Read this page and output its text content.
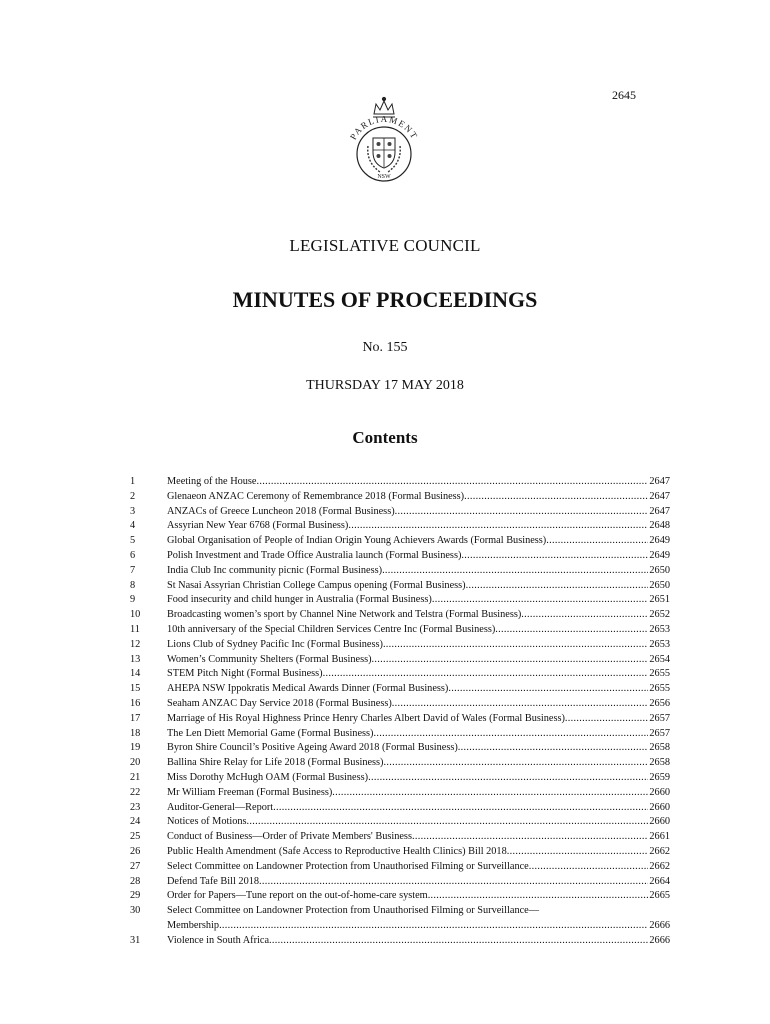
2645
PARLIAMENT
NSW
LEGISLATIVE COUNCIL
MINUTES OF PROCEEDINGS
No. 155
THURSDAY 17 MAY 2018
Contents
1	Meeting of the House .....	2647
2	Glenaeon ANZAC Ceremony of Remembrance 2018 (Formal Business) .....	2647
3	ANZACs of Greece Luncheon 2018 (Formal Business) .....	2647
4	Assyrian New Year 6768 (Formal Business) .....	2648
5	Global Organisation of People of Indian Origin Young Achievers Awards (Formal Business) .....	2649
6	Polish Investment and Trade Office Australia launch (Formal Business) .....	2649
7	India Club Inc community picnic (Formal Business) .....	2650
8	St Nasai Assyrian Christian College Campus opening (Formal Business) .....	2650
9	Food insecurity and child hunger in Australia (Formal Business) .....	2651
10	Broadcasting women’s sport by Channel Nine Network and Telstra (Formal Business) .....	2652
11	10th anniversary of the Special Children Services Centre Inc (Formal Business) .....	2653
12	Lions Club of Sydney Pacific Inc (Formal Business) .....	2653
13	Women’s Community Shelters (Formal Business) .....	2654
14	STEM Pitch Night (Formal Business) .....	2655
15	AHEPA NSW Ippokratis Medical Awards Dinner (Formal Business) .....	2655
16	Seaham ANZAC Day Service 2018 (Formal Business) .....	2656
17	Marriage of His Royal Highness Prince Henry Charles Albert David of Wales (Formal Business) .....	2657
18	The Len Diett Memorial Game (Formal Business) .....	2657
19	Byron Shire Council’s Positive Ageing Award 2018 (Formal Business) .....	2658
20	Ballina Shire Relay for Life 2018 (Formal Business) .....	2658
21	Miss Dorothy McHugh OAM (Formal Business) .....	2659
22	Mr William Freeman (Formal Business) .....	2660
23	Auditor-General—Report .....	2660
24	Notices of Motions .....	2660
25	Conduct of Business—Order of Private Members' Business .....	2661
26	Public Health Amendment (Safe Access to Reproductive Health Clinics) Bill 2018 .....	2662
27	Select Committee on Landowner Protection from Unauthorised Filming or Surveillance .....	2662
28	Defend Tafe Bill 2018 .....	2664
29	Order for Papers—Tune report on the out-of-home-care system .....	2665
30	Select Committee on Landowner Protection from Unauthorised Filming or Surveillance—
Membership .....	2666
31	Violence in South Africa .....	2666
